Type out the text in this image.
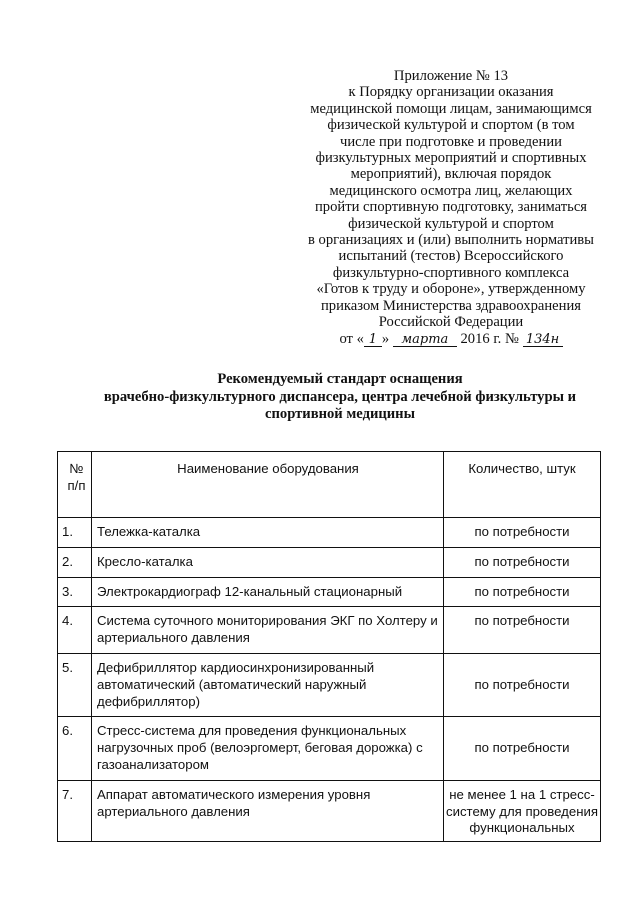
Приложение № 13
к Порядку организации оказания
медицинской помощи лицам, занимающимся
физической культурой и спортом (в том
числе при подготовке и проведении
физкультурных мероприятий и спортивных
мероприятий), включая порядок
медицинского осмотра лиц, желающих
пройти спортивную подготовку, заниматься
физической культурой и спортом
в организациях и (или) выполнить нормативы
испытаний (тестов) Всероссийского
физкультурно-спортивного комплекса
«Готов к труду и обороне», утвержденному
приказом Министерства здравоохранения
Российской Федерации
от « 1 » марта 2016 г. № 134н
Рекомендуемый стандарт оснащения
врачебно-физкультурного диспансера, центра лечебной физкультуры и
спортивной медицины
№
п/п	Наименование оборудования	Количество, штук
1.	Тележка-каталка	по потребности
2.	Кресло-каталка	по потребности
3.	Электрокардиограф 12-канальный стационарный	по потребности
4.	Система суточного мониторирования ЭКГ по Холтеру и артериального давления	по потребности
5.	Дефибриллятор кардиосинхронизированный автоматический (автоматический наружный дефибриллятор)	по потребности
6.	Стресс-система для проведения функциональных нагрузочных проб (велоэргомерт, беговая дорожка) с газоанализатором	по потребности
7.	Аппарат автоматического измерения уровня артериального давления	не менее 1 на 1 стресс-систему для проведения функциональных
